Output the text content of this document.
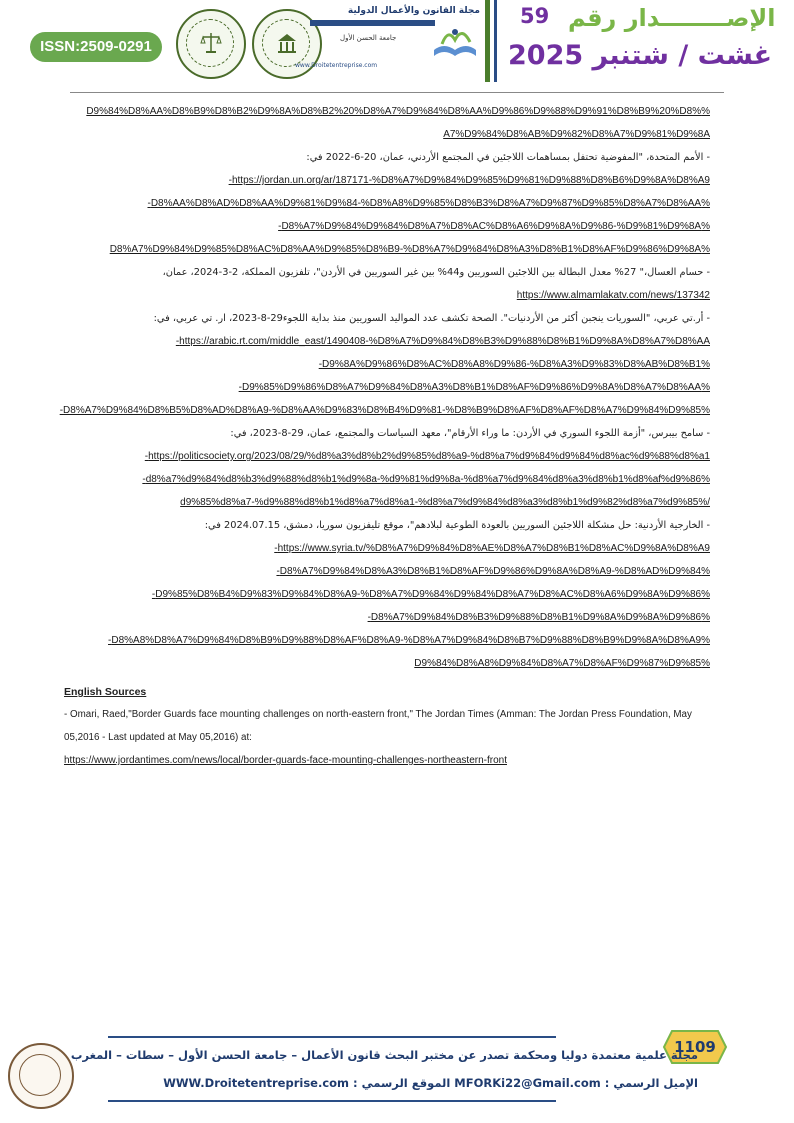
ISSN:2509-0291
مجلة القانون والأعمال الدولية
جامعة الحسن الأول
www.Droitetentreprise.com
59 الإصــــــــدار رقم
غشت / شتنبر 2025
%D9%84%D8%AA%D8%B9%D8%B2%D9%8A%D8%B2%20%D8%A7%D9%84%D8%AA%D9%86%D9%88%D9%91%D8%B9%20%D8%
A7%D9%84%D8%AB%D9%82%D8%A7%D9%81%D9%8A
- الأمم المتحدة، "المفوضية تحتفل بمساهمات اللاجئين في المجتمع الأردني، عمان، 20-6-2022 في:
https://jordan.un.org/ar/187171-%D8%A7%D9%84%D9%85%D9%81%D9%88%D8%B6%D9%8A%D8%A9-
%D8%AA%D8%AD%D8%AA%D9%81%D9%84-%D8%A8%D9%85%D8%B3%D8%A7%D9%87%D9%85%D8%A7%D8%AA-
%D8%A7%D9%84%D9%84%D8%A7%D8%AC%D8%A6%D9%8A%D9%86-%D9%81%D9%8A-
%D8%A7%D9%84%D9%85%D8%AC%D8%AA%D9%85%D8%B9-%D8%A7%D9%84%D8%A3%D8%B1%D8%AF%D9%86%D9%8A
- حسام العسال،" 27% معدل البطالة بين اللاجئين السوريين و44% بين غير السوريين في الأردن"، تلفزيون المملكة، 2-3-2024، عمان،
https://www.almamlakatv.com/news/137342
- أر.تي عربي، "السوريات ينجبن أكثر من الأردنيات". الصحة تكشف عدد المواليد السوريين منذ بداية اللجوء29-8-2023، ار. تي عربي، في:
https://arabic.rt.com/middle_east/1490408-%D8%A7%D9%84%D8%B3%D9%88%D8%B1%D9%8A%D8%A7%D8%AA-
%D9%8A%D9%86%D8%AC%D8%A8%D9%86-%D8%A3%D9%83%D8%AB%D8%B1-
%D9%85%D9%86%D8%A7%D9%84%D8%A3%D8%B1%D8%AF%D9%86%D9%8A%D8%A7%D8%AA-
%D8%A7%D9%84%D8%B5%D8%AD%D8%A9-%D8%AA%D9%83%D8%B4%D9%81-%D8%B9%D8%AF%D8%AF%D8%A7%D9%84%D9%85-
- سامح بيبرس، "أزمة اللجوء السوري في الأردن: ما وراء الأرقام"، معهد السياسات والمجتمع، عمان، 29-8-2023، في:
https://politicsociety.org/2023/08/29/%d8%a3%d8%b2%d9%85%d8%a9-%d8%a7%d9%84%d9%84%d8%ac%d9%88%d8%a1-
%d8%a7%d9%84%d8%b3%d9%88%d8%b1%d9%8a-%d9%81%d9%8a-%d8%a7%d9%84%d8%a3%d8%b1%d8%af%d9%86-
/%d9%85%d8%a7-%d9%88%d8%b1%d8%a7%d8%a1-%d8%a7%d9%84%d8%a3%d8%b1%d9%82%d8%a7%d9%85
- الخارجية الأردنية: حل مشكلة اللاجئين السوريين بالعودة الطوعية لبلادهم"، موقع تليفزيون سوريا، دمشق، 2024.07.15 في:
https://www.syria.tv/%D8%A7%D9%84%D8%AE%D8%A7%D8%B1%D8%AC%D9%8A%D8%A9-
%D8%A7%D9%84%D8%A3%D8%B1%D8%AF%D9%86%D9%8A%D8%A9-%D8%AD%D9%84-
%D9%85%D8%B4%D9%83%D9%84%D8%A9-%D8%A7%D9%84%D9%84%D8%A7%D8%AC%D8%A6%D9%8A%D9%86-
%D8%A7%D9%84%D8%B3%D9%88%D8%B1%D9%8A%D9%8A%D9%86-
%D8%A8%D8%A7%D9%84%D8%B9%D9%88%D8%AF%D8%A9-%D8%A7%D9%84%D8%B7%D9%88%D8%B9%D9%8A%D8%A9-
%D9%84%D8%A8%D9%84%D8%A7%D8%AF%D9%87%D9%85
English Sources
- Omari, Raed,"Border Guards face mounting challenges on north-eastern front," The Jordan Times (Amman: The Jordan Press Foundation, May
05,2016 - Last updated at May 05,2016) at:
https://www.jordantimes.com/news/local/border-guards-face-mounting-challenges-northeastern-front
1109
مجلة علمية معتمدة دوليا ومحكمة تصدر عن مختبر البحث قانون الأعمال – جامعة الحسن الأول – سطات – المغرب
الإميل الرسمي : MFORKi22@Gmail.com الموقع الرسمي : WWW.Droitetentreprise.com
